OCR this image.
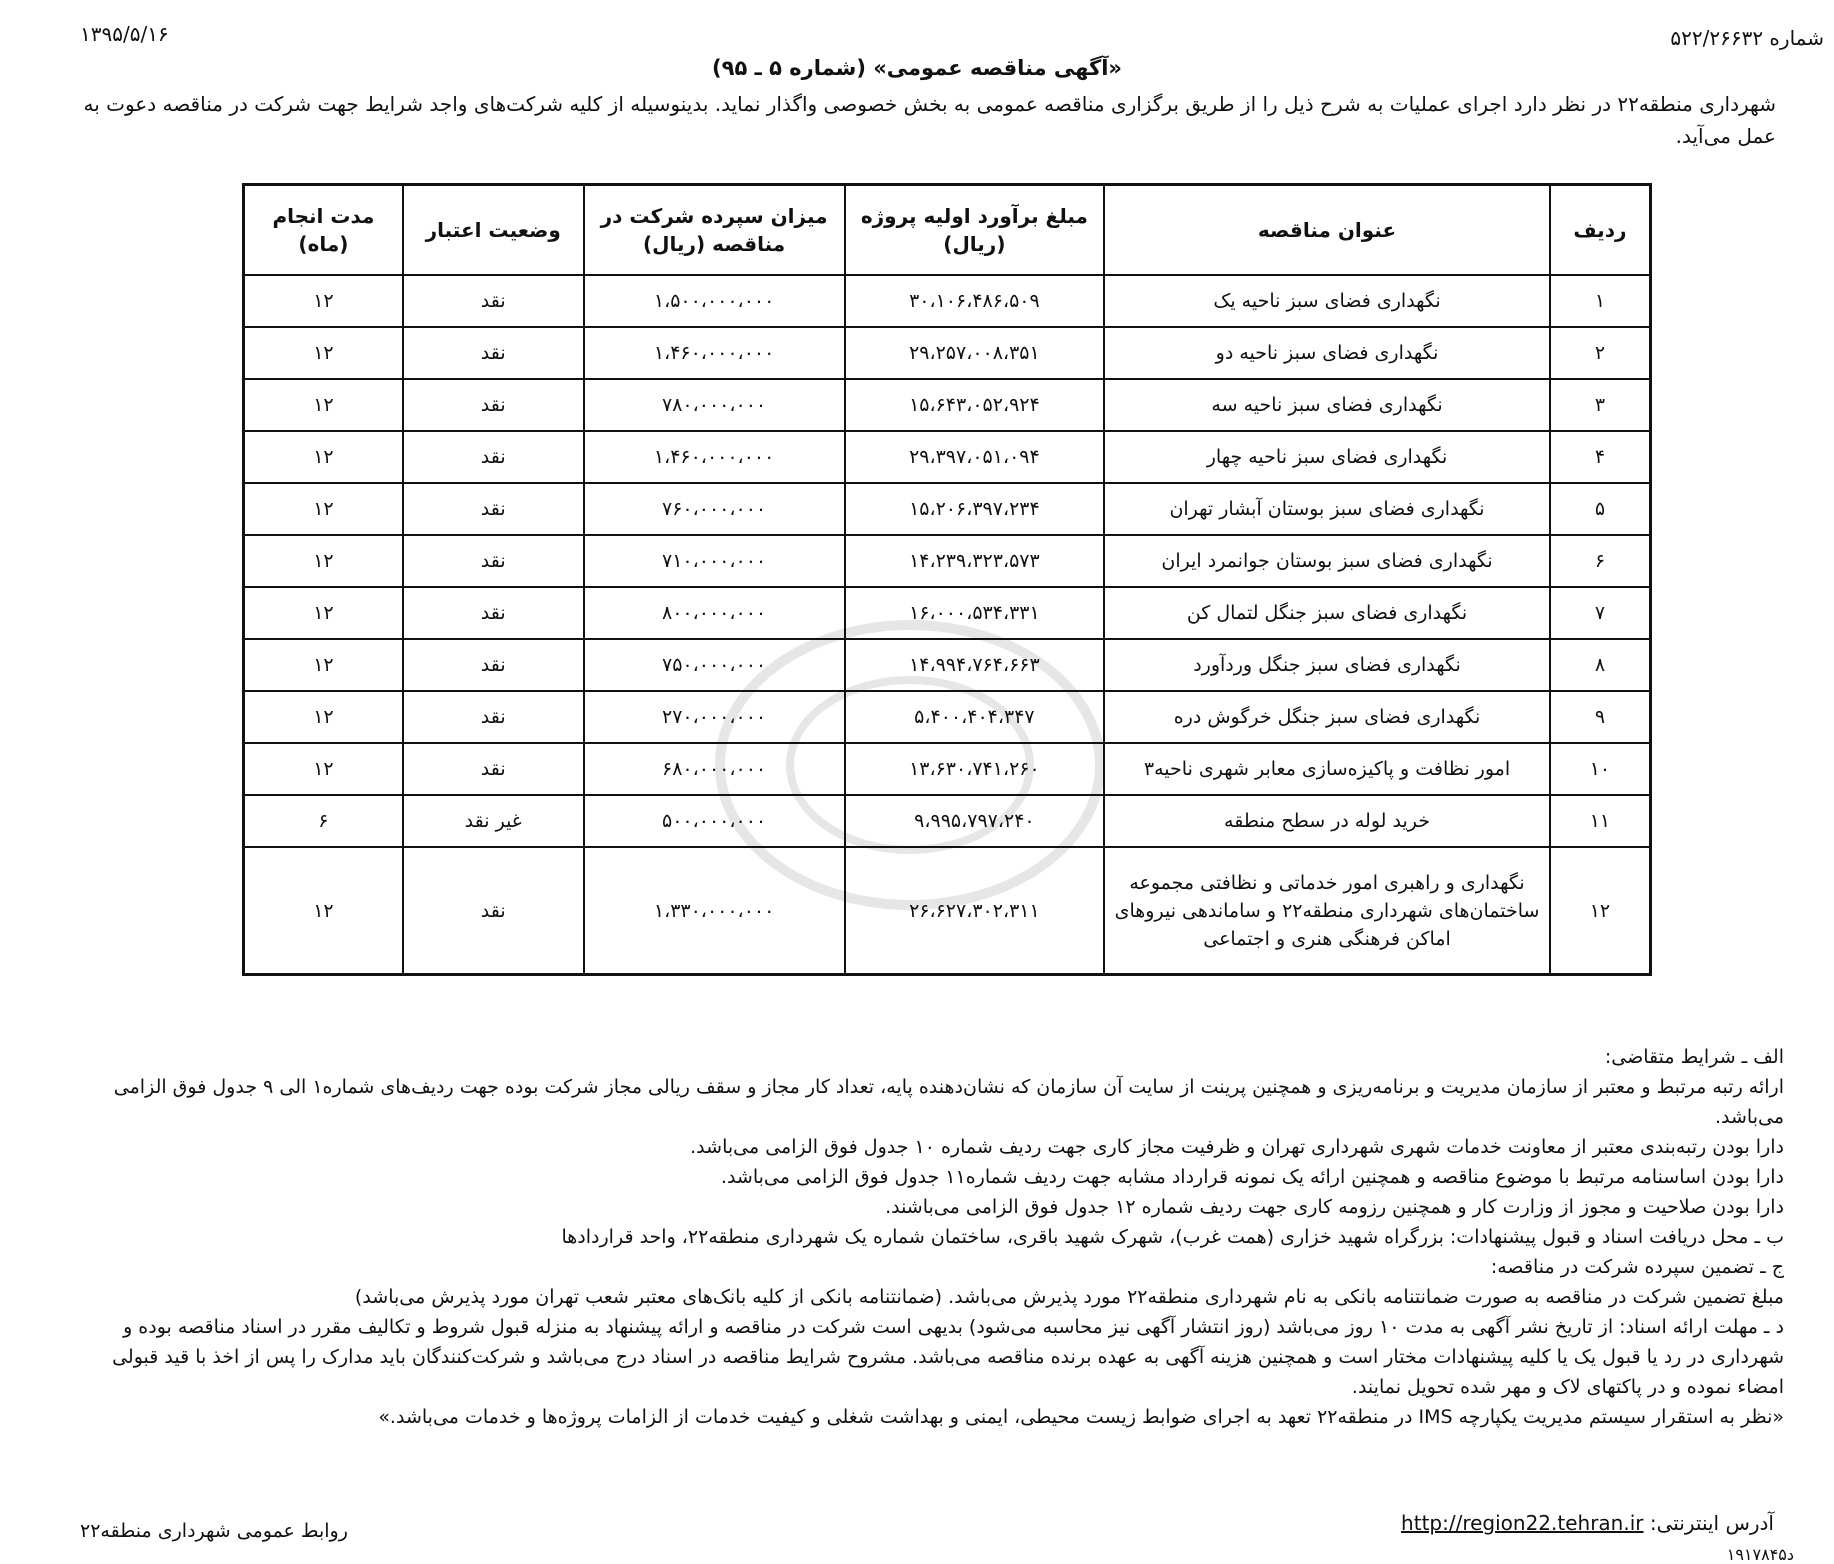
شماره ۵۲۲/۲۶۶۳۲
۱۳۹۵/۵/۱۶
«آگهی مناقصه عمومی» (شماره ۵ ـ ۹۵)
شهرداری منطقه۲۲ در نظر دارد اجرای عملیات به شرح ذیل را از طریق برگزاری مناقصه عمومی به بخش خصوصی واگذار نماید. بدینوسیله از کلیه شرکت‌های واجد شرایط جهت شرکت در مناقصه دعوت به عمل می‌آید.
ردیف	عنوان مناقصه	مبلغ برآورد اولیه پروژه (ریال)	میزان سپرده شرکت در مناقصه (ریال)	وضعیت اعتبار	مدت انجام (ماه)
۱	نگهداری فضای سبز ناحیه یک	۳۰،۱۰۶،۴۸۶،۵۰۹	۱،۵۰۰،۰۰۰،۰۰۰	نقد	۱۲
۲	نگهداری فضای سبز ناحیه دو	۲۹،۲۵۷،۰۰۸،۳۵۱	۱،۴۶۰،۰۰۰،۰۰۰	نقد	۱۲
۳	نگهداری فضای سبز ناحیه سه	۱۵،۶۴۳،۰۵۲،۹۲۴	۷۸۰،۰۰۰،۰۰۰	نقد	۱۲
۴	نگهداری فضای سبز ناحیه چهار	۲۹،۳۹۷،۰۵۱،۰۹۴	۱،۴۶۰،۰۰۰،۰۰۰	نقد	۱۲
۵	نگهداری فضای سبز بوستان آبشار تهران	۱۵،۲۰۶،۳۹۷،۲۳۴	۷۶۰،۰۰۰،۰۰۰	نقد	۱۲
۶	نگهداری فضای سبز بوستان جوانمرد ایران	۱۴،۲۳۹،۳۲۳،۵۷۳	۷۱۰،۰۰۰،۰۰۰	نقد	۱۲
۷	نگهداری فضای سبز جنگل لتمال کن	۱۶،۰۰۰،۵۳۴،۳۳۱	۸۰۰،۰۰۰،۰۰۰	نقد	۱۲
۸	نگهداری فضای سبز جنگل وردآورد	۱۴،۹۹۴،۷۶۴،۶۶۳	۷۵۰،۰۰۰،۰۰۰	نقد	۱۲
۹	نگهداری فضای سبز جنگل خرگوش دره	۵،۴۰۰،۴۰۴،۳۴۷	۲۷۰،۰۰۰،۰۰۰	نقد	۱۲
۱۰	امور نظافت و پاکیزه‌سازی معابر شهری ناحیه۳	۱۳،۶۳۰،۷۴۱،۲۶۰	۶۸۰،۰۰۰،۰۰۰	نقد	۱۲
۱۱	خرید لوله در سطح منطقه	۹،۹۹۵،۷۹۷،۲۴۰	۵۰۰،۰۰۰،۰۰۰	غیر نقد	۶
۱۲	نگهداری و راهبری امور خدماتی و نظافتی مجموعه ساختمان‌های شهرداری منطقه۲۲ و ساماندهی نیروهای اماکن فرهنگی هنری و اجتماعی	۲۶،۶۲۷،۳۰۲،۳۱۱	۱،۳۳۰،۰۰۰،۰۰۰	نقد	۱۲

الف ـ شرایط متقاضی:

ارائه رتبه مرتبط و معتبر از سازمان مدیریت و برنامه‌ریزی و همچنین پرینت از سایت آن سازمان که نشان‌دهنده پایه، تعداد کار مجاز و سقف ریالی مجاز شرکت بوده جهت ردیف‌های شماره۱ الی ۹ جدول فوق الزامی می‌باشد.

دارا بودن رتبه‌بندی معتبر از معاونت خدمات شهری شهرداری تهران و ظرفیت مجاز کاری جهت ردیف شماره ۱۰ جدول فوق الزامی می‌باشد.

دارا بودن اساسنامه مرتبط با موضوع مناقصه و همچنین ارائه یک نمونه قرارداد مشابه جهت ردیف شماره۱۱ جدول فوق الزامی می‌باشد.

دارا بودن صلاحیت و مجوز از وزارت کار و همچنین رزومه کاری جهت ردیف شماره ۱۲ جدول فوق الزامی می‌باشند.

ب ـ محل دریافت اسناد و قبول پیشنهادات: بزرگراه شهید خزاری (همت غرب)، شهرک شهید باقری، ساختمان شماره یک شهرداری منطقه۲۲، واحد قراردادها

ج ـ تضمین سپرده شرکت در مناقصه:

مبلغ تضمین شرکت در مناقصه به صورت ضمانتنامه بانکی به نام شهرداری منطقه۲۲ مورد پذیرش می‌باشد. (ضمانتنامه بانکی از کلیه بانک‌های معتبر شعب تهران مورد پذیرش می‌باشد)

د ـ مهلت ارائه اسناد: از تاریخ نشر آگهی به مدت ۱۰ روز می‌باشد (روز انتشار آگهی نیز محاسبه می‌شود) بدیهی است شرکت در مناقصه و ارائه پیشنهاد به منزله قبول شروط و تکالیف مقرر در اسناد مناقصه بوده و شهرداری در رد یا قبول یک یا کلیه پیشنهادات مختار است و همچنین هزینه آگهی به عهده برنده مناقصه می‌باشد. مشروح شرایط مناقصه در اسناد درج می‌باشد و شرکت‌کنندگان باید مدارک را پس از اخذ با قید قبولی امضاء نموده و در پاکتهای لاک و مهر شده تحویل نمایند.

«نظر به استقرار سیستم مدیریت یکپارچه IMS در منطقه۲۲ تعهد به اجرای ضوابط زیست محیطی، ایمنی و بهداشت شغلی و کیفیت خدمات از الزامات پروژه‌ها و خدمات می‌باشد.»

آدرس اینترنتی: http://region22.tehran.ir
روابط عمومی شهرداری منطقه۲۲
۱۹۱۷۸۴۵د
